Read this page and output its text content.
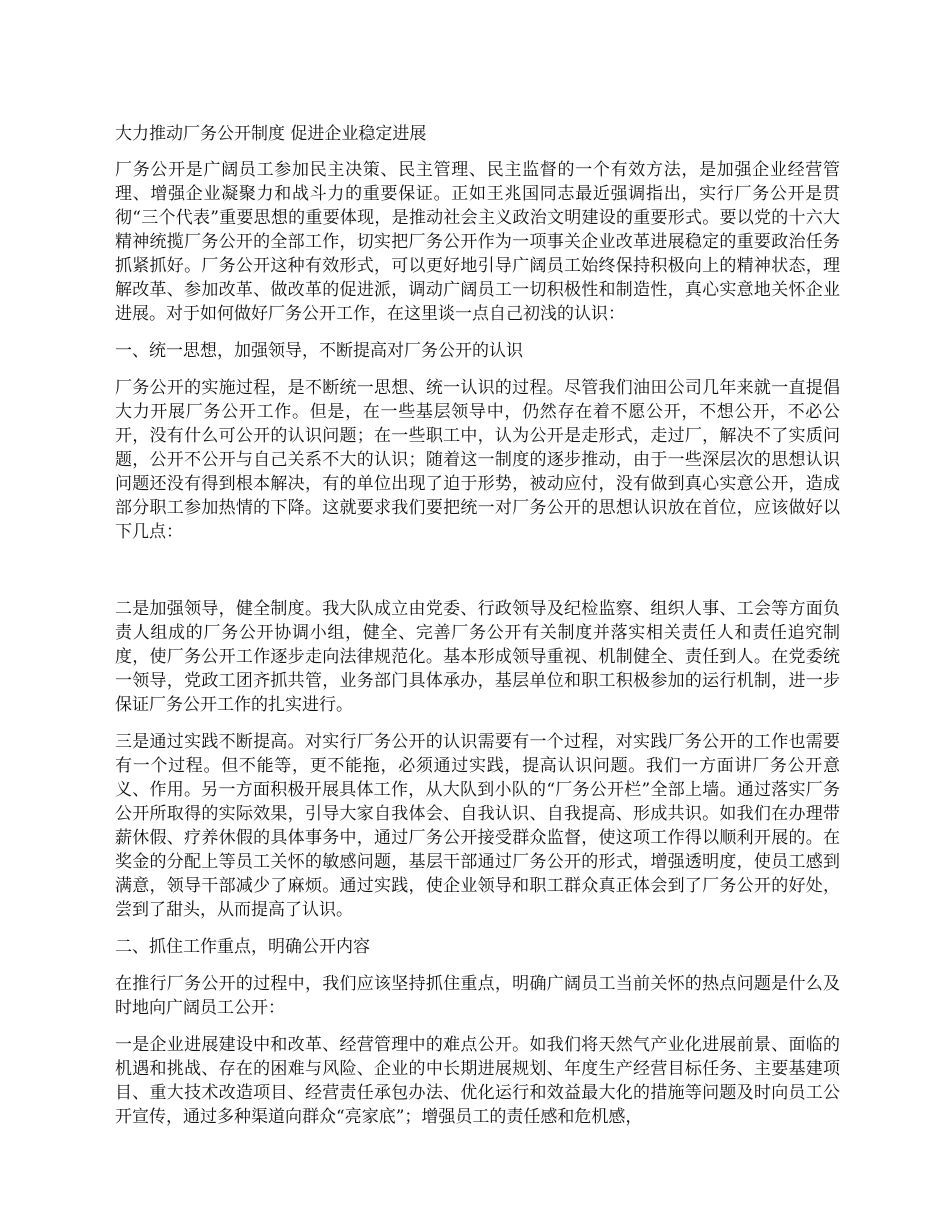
大力推动厂务公开制度 促进企业稳定进展

厂务公开是广阔员工参加民主决策、民主管理、民主监督的一个有效方法，是加强企业经营管理、增强企业凝聚力和战斗力的重要保证。正如王兆国同志最近强调指出，实行厂务公开是贯彻“三个代表”重要思想的重要体现，是推动社会主义政治文明建设的重要形式。要以党的十六大精神统揽厂务公开的全部工作，切实把厂务公开作为一项事关企业改革进展稳定的重要政治任务抓紧抓好。厂务公开这种有效形式，可以更好地引导广阔员工始终保持积极向上的精神状态，理解改革、参加改革、做改革的促进派，调动广阔员工一切积极性和制造性，真心实意地关怀企业进展。对于如何做好厂务公开工作，在这里谈一点自己初浅的认识：

一、统一思想，加强领导，不断提高对厂务公开的认识

厂务公开的实施过程，是不断统一思想、统一认识的过程。尽管我们油田公司几年来就一直提倡大力开展厂务公开工作。但是，在一些基层领导中，仍然存在着不愿公开，不想公开，不必公开，没有什么可公开的认识问题；在一些职工中，认为公开是走形式，走过厂，解决不了实质问题，公开不公开与自己关系不大的认识；随着这一制度的逐步推动，由于一些深层次的思想认识问题还没有得到根本解决，有的单位出现了迫于形势，被动应付，没有做到真心实意公开，造成部分职工参加热情的下降。这就要求我们要把统一对厂务公开的思想认识放在首位，应该做好以下几点：

二是加强领导，健全制度。我大队成立由党委、行政领导及纪检监察、组织人事、工会等方面负责人组成的厂务公开协调小组，健全、完善厂务公开有关制度并落实相关责任人和责任追究制度，使厂务公开工作逐步走向法律规范化。基本形成领导重视、机制健全、责任到人。在党委统一领导，党政工团齐抓共管，业务部门具体承办，基层单位和职工积极参加的运行机制，进一步保证厂务公开工作的扎实进行。

三是通过实践不断提高。对实行厂务公开的认识需要有一个过程，对实践厂务公开的工作也需要有一个过程。但不能等，更不能拖，必须通过实践，提高认识问题。我们一方面讲厂务公开意义、作用。另一方面积极开展具体工作，从大队到小队的“厂务公开栏”全部上墙。通过落实厂务公开所取得的实际效果，引导大家自我体会、自我认识、自我提高、形成共识。如我们在办理带薪休假、疗养休假的具体事务中，通过厂务公开接受群众监督，使这项工作得以顺利开展的。在奖金的分配上等员工关怀的敏感问题，基层干部通过厂务公开的形式，增强透明度，使员工感到满意，领导干部减少了麻烦。通过实践，使企业领导和职工群众真正体会到了厂务公开的好处，尝到了甜头，从而提高了认识。

二、抓住工作重点，明确公开内容

在推行厂务公开的过程中，我们应该坚持抓住重点，明确广阔员工当前关怀的热点问题是什么及时地向广阔员工公开：

一是企业进展建设中和改革、经营管理中的难点公开。如我们将天然气产业化进展前景、面临的机遇和挑战、存在的困难与风险、企业的中长期进展规划、年度生产经营目标任务、主要基建项目、重大技术改造项目、经营责任承包办法、优化运行和效益最大化的措施等问题及时向员工公开宣传，通过多种渠道向群众“亮家底”；增强员工的责任感和危机感，
